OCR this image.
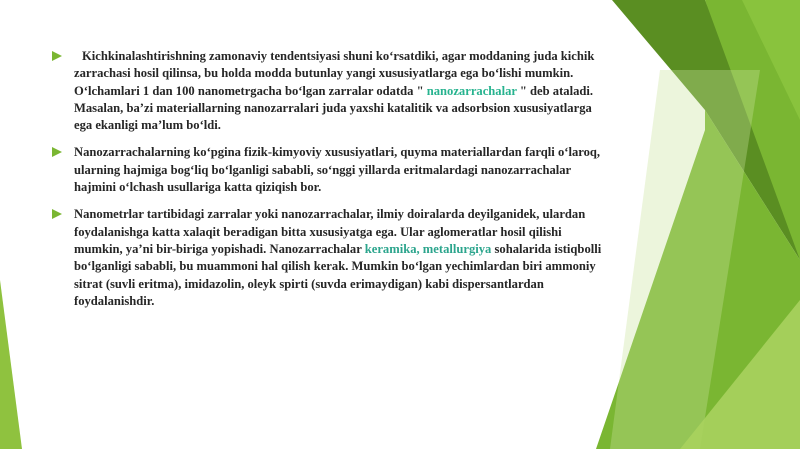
Kichkinalashtirishning zamonaviy tendentsiyasi shuni ko‘rsatdiki, agar moddaning juda kichik zarrachasi hosil qilinsa, bu holda modda butunlay yangi xususiyatlarga ega bo‘lishi mumkin. O‘lchamlari 1 dan 100 nanometrgacha bo‘lgan zarralar odatda " nanozarrachalar " deb ataladi. Masalan, ba’zi materiallarning nanozarralari juda yaxshi katalitik va adsorbsion xususiyatlarga ega ekanligi ma’lum bo‘ldi.
Nanozarrachalarning ko‘pgina fizik-kimyoviy xususiyatlari, quyma materiallardan farqli o‘laroq, ularning hajmiga bog‘liq bo‘lganligi sababli, so‘nggi yillarda eritmalardagi nanozarrachalar hajmini o‘lchash usullariga katta qiziqish bor.
Nanometrlar tartibidagi zarralar yoki nanozarrachalar, ilmiy doiralarda deyilganidek, ulardan foydalanishga katta xalaqit beradigan bitta xususiyatga ega. Ular aglomeratlar hosil qilishi mumkin, ya’ni bir-biriga yopishadi. Nanozarrachalar keramika, metallurgiya sohalarida istiqbolli bo‘lganligi sababli, bu muammoni hal qilish kerak. Mumkin bo‘lgan yechimlardan biri ammoniy sitrat (suvli eritma), imidazolin, oleyk spirti (suvda erimaydigan) kabi dispersantlardan foydalanishdir.
